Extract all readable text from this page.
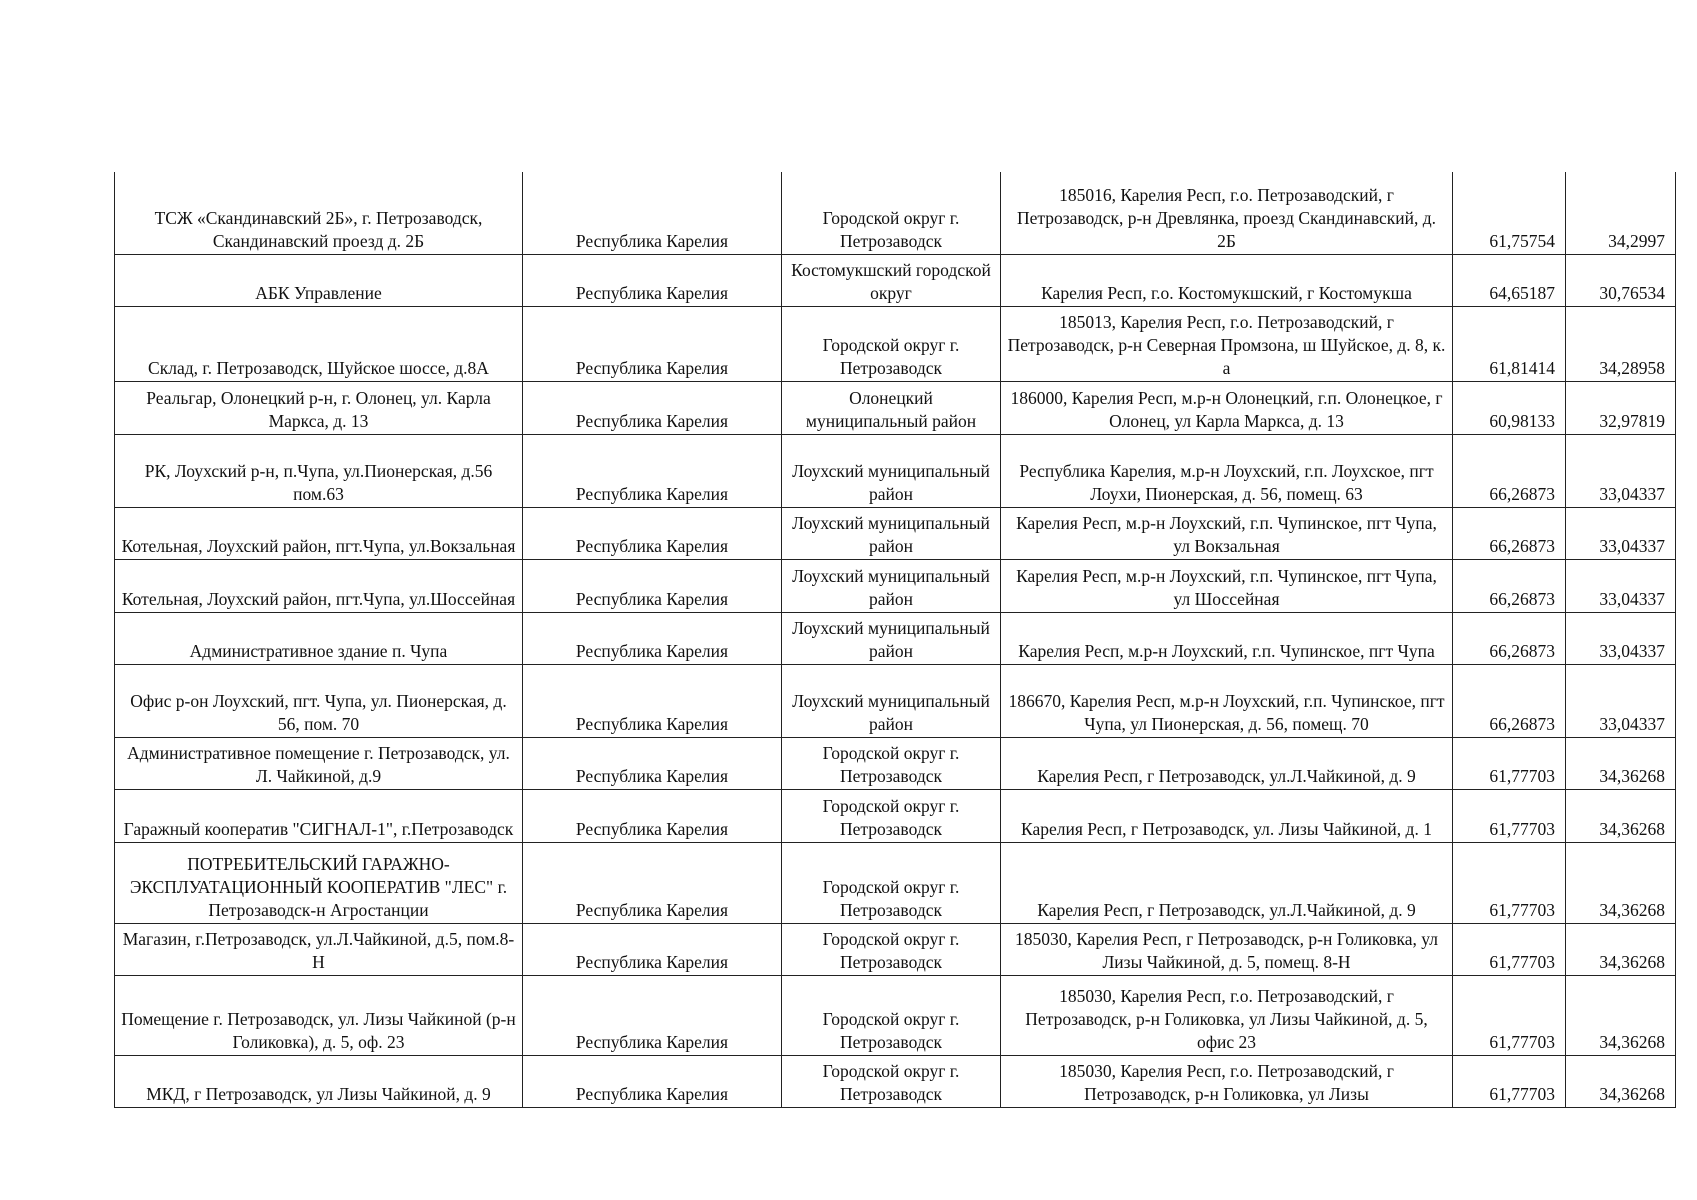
ТСЖ «Скандинавский 2Б», г. Петрозаводск, Скандинавский проезд д. 2Б	Республика Карелия	Городской округ г. Петрозаводск	185016, Карелия Респ, г.о. Петрозаводский, г Петрозаводск, р-н Древлянка, проезд Скандинавский, д. 2Б	61,75754	34,2997
АБК Управление	Республика Карелия	Костомукшский городской округ	Карелия Респ, г.о. Костомукшский, г Костомукша	64,65187	30,76534
Склад, г. Петрозаводск, Шуйское шоссе, д.8А	Республика Карелия	Городской округ г. Петрозаводск	185013, Карелия Респ, г.о. Петрозаводский, г Петрозаводск, р-н Северная Промзона, ш Шуйское, д. 8, к. а	61,81414	34,28958
Реальгар, Олонецкий р-н, г. Олонец, ул. Карла Маркса, д. 13	Республика Карелия	Олонецкий муниципальный район	186000, Карелия Респ, м.р-н Олонецкий, г.п. Олонецкое, г Олонец, ул Карла Маркса, д. 13	60,98133	32,97819
РК, Лоухский р-н, п.Чупа, ул.Пионерская, д.56 пом.63	Республика Карелия	Лоухский муниципальный район	Республика Карелия, м.р-н Лоухский, г.п. Лоухское, пгт Лоухи, Пионерская, д. 56, помещ. 63	66,26873	33,04337
Котельная, Лоухский район, пгт.Чупа, ул.Вокзальная	Республика Карелия	Лоухский муниципальный район	Карелия Респ, м.р-н Лоухский, г.п. Чупинское, пгт Чупа, ул Вокзальная	66,26873	33,04337
Котельная, Лоухский район, пгт.Чупа, ул.Шоссейная	Республика Карелия	Лоухский муниципальный район	Карелия Респ, м.р-н Лоухский, г.п. Чупинское, пгт Чупа, ул Шоссейная	66,26873	33,04337
Административное здание п. Чупа	Республика Карелия	Лоухский муниципальный район	Карелия Респ, м.р-н Лоухский, г.п. Чупинское, пгт Чупа	66,26873	33,04337
Офис р-он Лоухский, пгт. Чупа, ул. Пионерская, д. 56, пом. 70	Республика Карелия	Лоухский муниципальный район	186670, Карелия Респ, м.р-н Лоухский, г.п. Чупинское, пгт Чупа, ул Пионерская, д. 56, помещ. 70	66,26873	33,04337
Административное помещение г. Петрозаводск, ул. Л. Чайкиной, д.9	Республика Карелия	Городской округ г. Петрозаводск	Карелия Респ, г Петрозаводск, ул.Л.Чайкиной, д. 9	61,77703	34,36268
Гаражный кооператив "СИГНАЛ-1", г.Петрозаводск	Республика Карелия	Городской округ г. Петрозаводск	Карелия Респ, г Петрозаводск, ул. Лизы Чайкиной, д. 1	61,77703	34,36268
ПОТРЕБИТЕЛЬСКИЙ ГАРАЖНО-ЭКСПЛУАТАЦИОННЫЙ КООПЕРАТИВ "ЛЕС" г. Петрозаводск-н Агростанции	Республика Карелия	Городской округ г. Петрозаводск	Карелия Респ, г Петрозаводск, ул.Л.Чайкиной, д. 9	61,77703	34,36268
Магазин, г.Петрозаводск, ул.Л.Чайкиной, д.5, пом.8-Н	Республика Карелия	Городской округ г. Петрозаводск	185030, Карелия Респ, г Петрозаводск, р-н Голиковка, ул Лизы Чайкиной, д. 5, помещ. 8-Н	61,77703	34,36268
Помещение г. Петрозаводск, ул. Лизы Чайкиной (р-н Голиковка), д. 5, оф. 23	Республика Карелия	Городской округ г. Петрозаводск	185030, Карелия Респ, г.о. Петрозаводский, г Петрозаводск, р-н Голиковка, ул Лизы Чайкиной, д. 5, офис 23	61,77703	34,36268
МКД, г Петрозаводск, ул Лизы Чайкиной, д. 9	Республика Карелия	Городской округ г. Петрозаводск	185030, Карелия Респ, г.о. Петрозаводский, г Петрозаводск, р-н Голиковка, ул Лизы	61,77703	34,36268
